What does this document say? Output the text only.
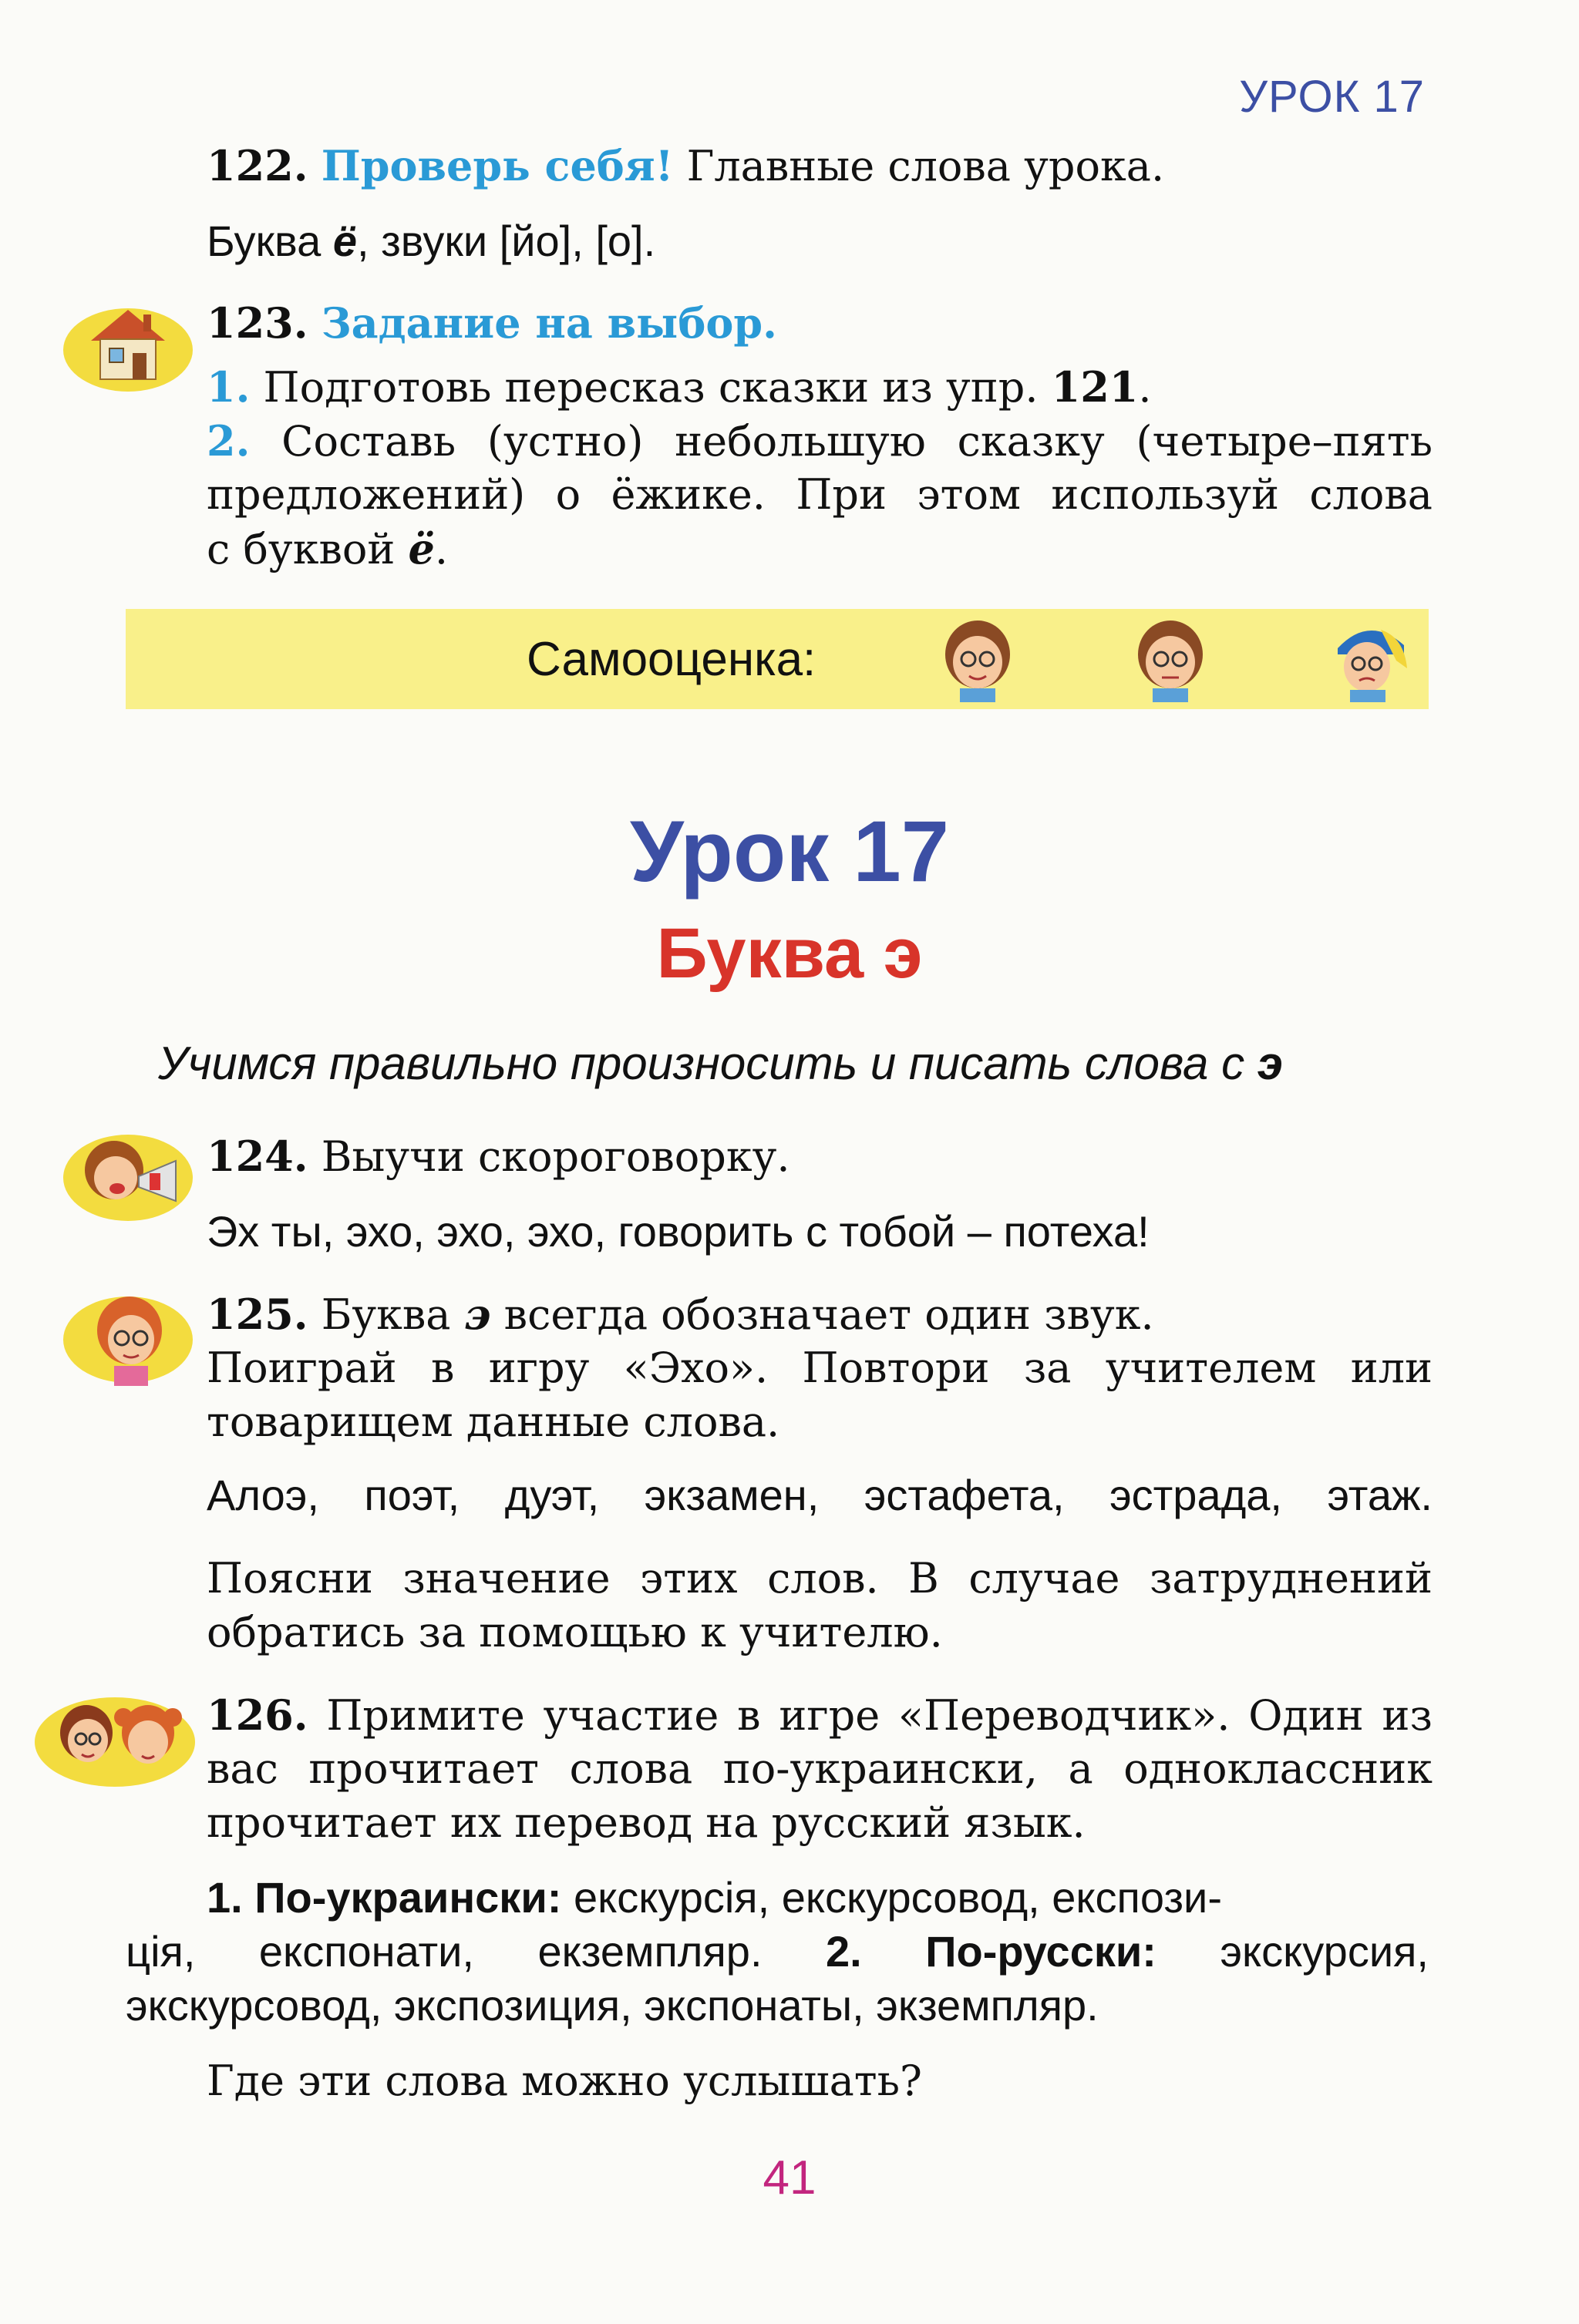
УРОК 17
122. Проверь себя! Главные слова урока.
Буква ё, звуки [йо], [о].
123. Задание на выбор.
1. Подготовь пересказ сказки из упр. 121.
2. Составь (устно) небольшую сказку (четыре–пять
предложений) о ёжике. При этом используй слова
с буквой ё.
Самооценка:
Урок 17
Буква э
Учимся правильно произносить и писать слова с э
124. Выучи скороговорку.
Эх ты, эхо, эхо, эхо, говорить с тобой – потеха!
125. Буква э всегда обозначает один звук.
Поиграй в игру «Эхо». Повтори за учителем или
товарищем данные слова.
Алоэ, поэт, дуэт, экзамен, эстафета, эстрада, этаж.
Поясни значение этих слов. В случае затруднений
обратись за помощью к учителю.
126. Примите участие в игре «Переводчик». Один из
вас прочитает слова по-украински, а одноклассник
прочитает их перевод на русский язык.
1. По-украински: екскурсія, екскурсовод, експози-
ція, експонати, екземпляр. 2. По-русски: экскурсия,
экскурсовод, экспозиция, экспонаты, экземпляр.
Где эти слова можно услышать?
41
